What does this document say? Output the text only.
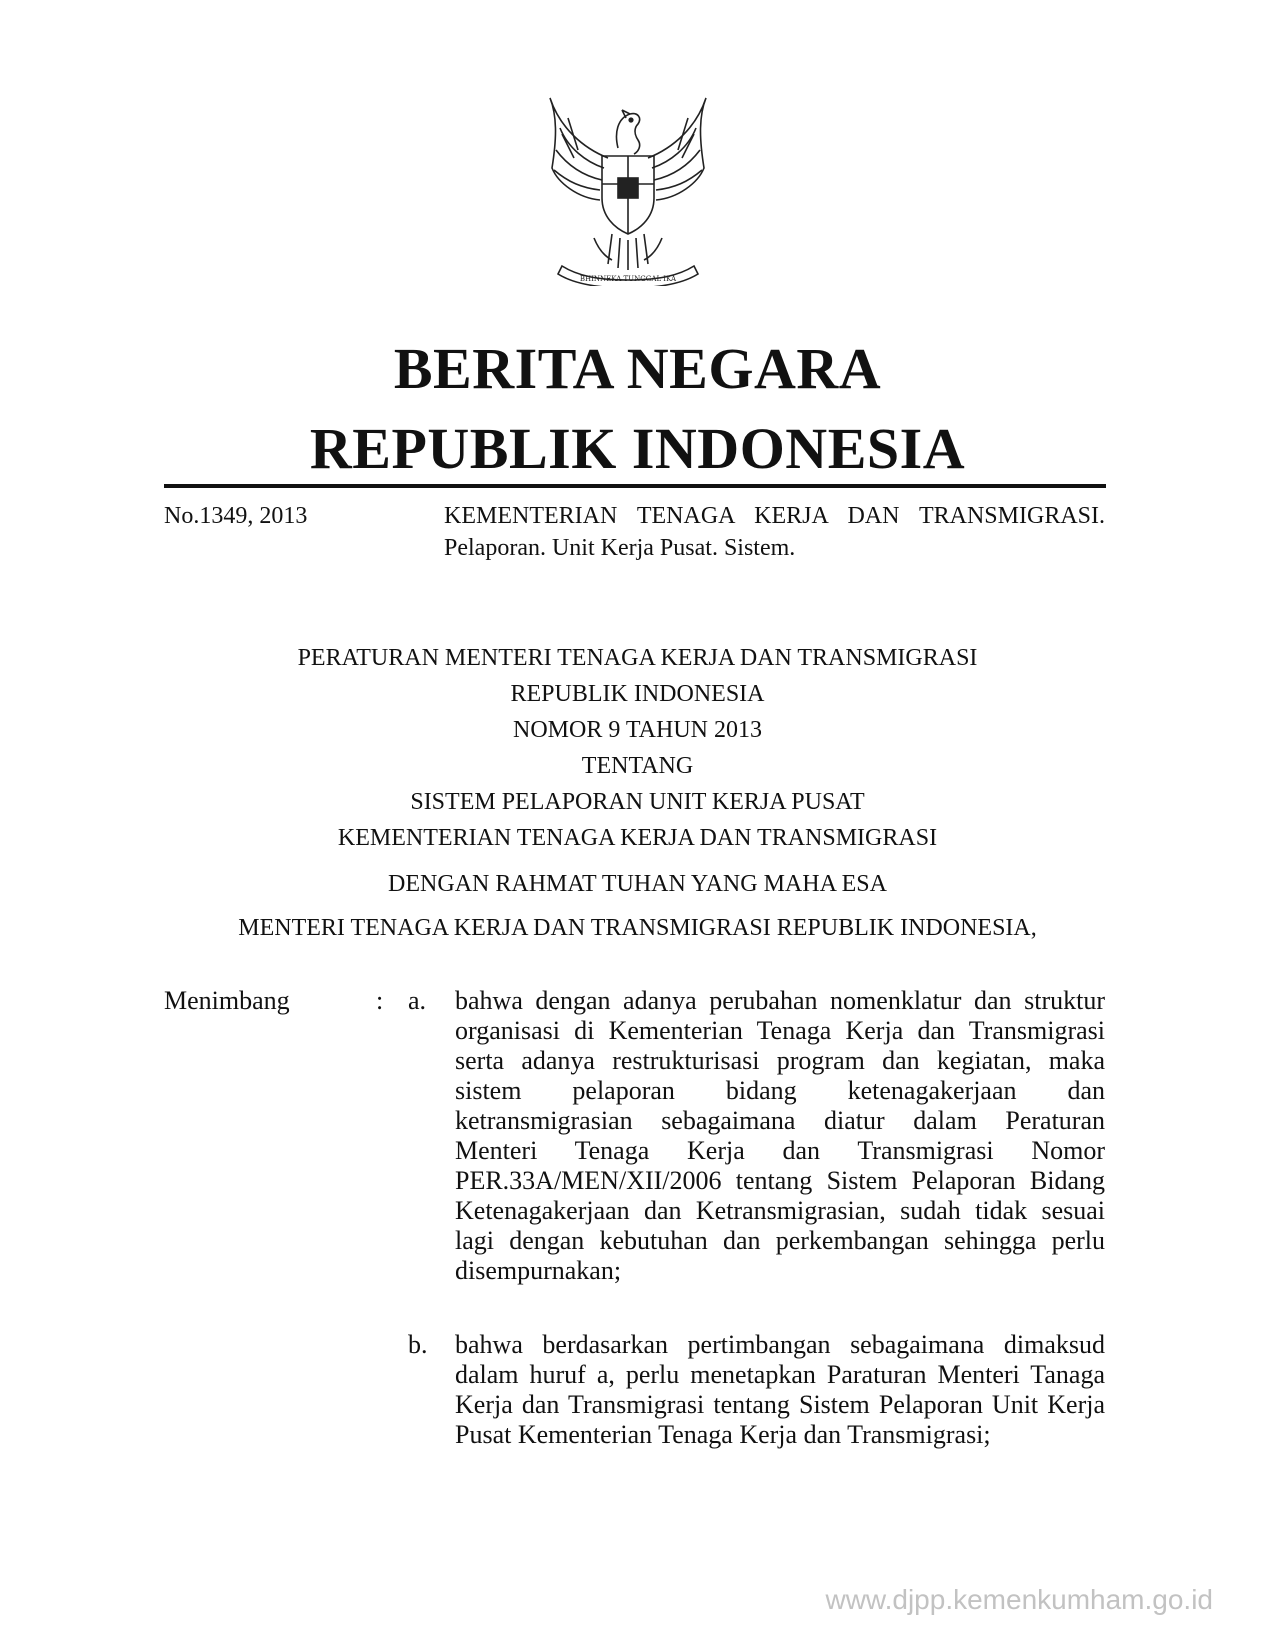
BHINNEKA TUNGGAL IKA
BERITA NEGARA
REPUBLIK INDONESIA
No.1349, 2013	KEMENTERIAN TENAGA KERJA DAN TRANSMIGRASI. Pelaporan. Unit Kerja Pusat. Sistem.
PERATURAN MENTERI TENAGA KERJA DAN TRANSMIGRASI
REPUBLIK INDONESIA
NOMOR 9 TAHUN 2013
TENTANG
SISTEM PELAPORAN UNIT KERJA PUSAT
KEMENTERIAN TENAGA KERJA DAN TRANSMIGRASI
DENGAN RAHMAT TUHAN YANG MAHA ESA
MENTERI TENAGA KERJA DAN TRANSMIGRASI REPUBLIK INDONESIA,
Menimbang	: a. bahwa dengan adanya perubahan nomenklatur dan struktur organisasi di Kementerian Tenaga Kerja dan Transmigrasi serta adanya restrukturisasi program dan kegiatan, maka sistem pelaporan bidang ketenagakerjaan dan ketransmigrasian sebagaimana diatur dalam Peraturan Menteri Tenaga Kerja dan Transmigrasi Nomor PER.33A/MEN/XII/2006 tentang Sistem Pelaporan Bidang Ketenagakerjaan dan Ketransmigrasian, sudah tidak sesuai lagi dengan kebutuhan dan perkembangan sehingga perlu disempurnakan;
b. bahwa berdasarkan pertimbangan sebagaimana dimaksud dalam huruf a, perlu menetapkan Paraturan Menteri Tanaga Kerja dan Transmigrasi tentang Sistem Pelaporan Unit Kerja Pusat Kementerian Tenaga Kerja dan Transmigrasi;
www.djpp.kemenkumham.go.id
